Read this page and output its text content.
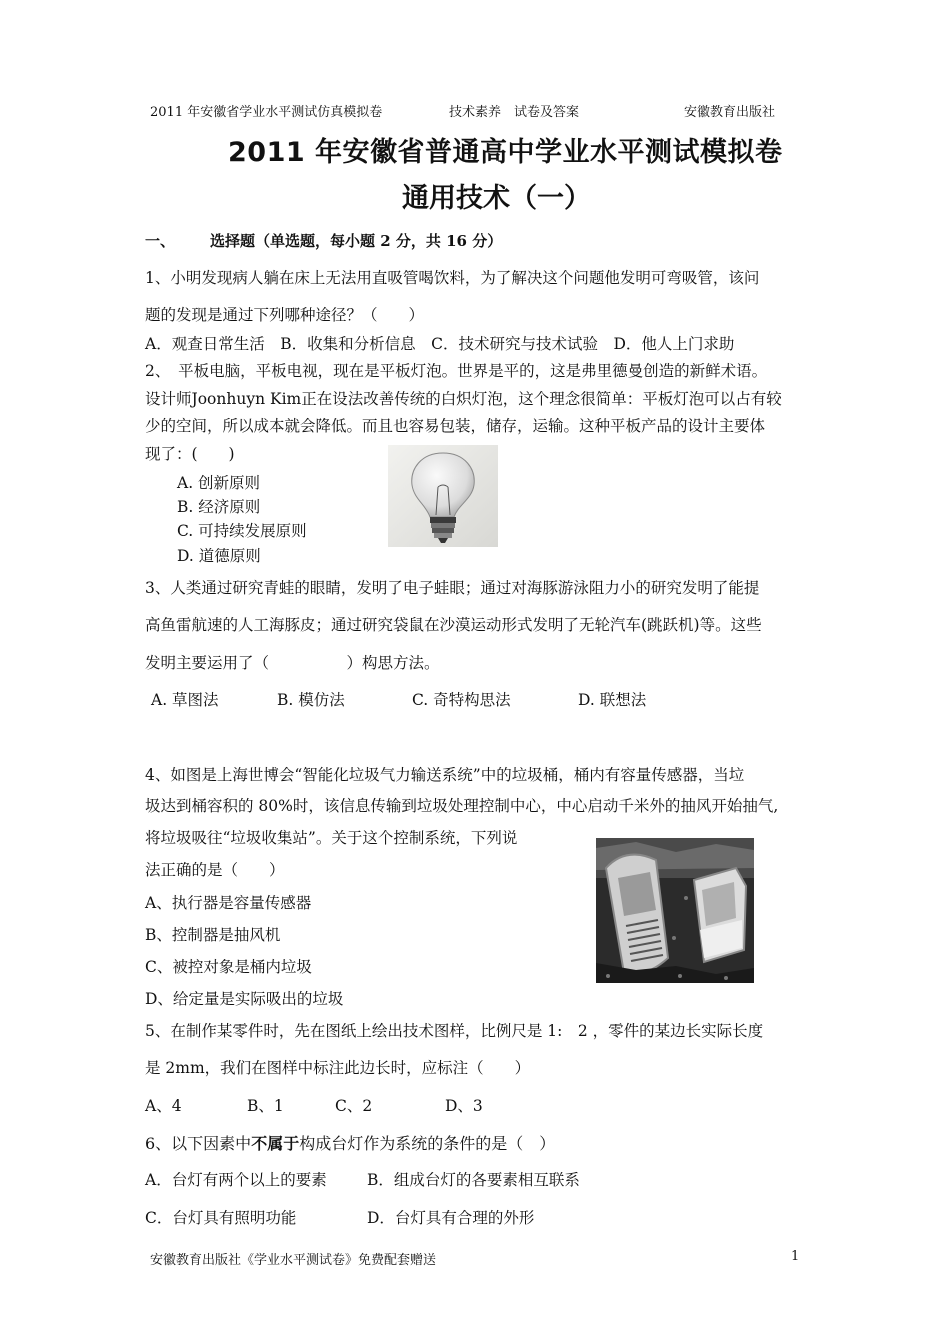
2011 年安徽省学业水平测试仿真模拟卷	技术素养　试卷及答案	安徽教育出版社
2011 年安徽省普通高中学业水平测试模拟卷
通用技术（一）
一、 选择题（单选题，每小题 2 分，共 16 分）
1、小明发现病人躺在床上无法用直吸管喝饮料，为了解决这个问题他发明可弯吸管，该问
题的发现是通过下列哪种途径？（　　）
A．观查日常生活　B．收集和分析信息　C．技术研究与技术试验　D．他人上门求助
2、　平板电脑，平板电视，现在是平板灯泡。世界是平的，这是弗里德曼创造的新鲜术语。
设计师Joonhuyn Kim正在设法改善传统的白炽灯泡，这个理念很简单：平板灯泡可以占有较
少的空间，所以成本就会降低。而且也容易包装，储存，运输。这种平板产品的设计主要体
现了：(　　)
A. 创新原则
B. 经济原则
C. 可持续发展原则
D. 道德原则
3、人类通过研究青蛙的眼睛，发明了电子蛙眼；通过对海豚游泳阻力小的研究发明了能提
高鱼雷航速的人工海豚皮；通过研究袋鼠在沙漠运动形式发明了无轮汽车(跳跃机)等。这些
发明主要运用了（　　　　　）构思方法。
A. 草图法	B. 模仿法	C. 奇特构思法	D. 联想法
4、如图是上海世博会“智能化垃圾气力输送系统”中的垃圾桶，桶内有容量传感器，当垃
圾达到桶容积的 80%时，该信息传输到垃圾处理控制中心，中心启动千米外的抽风开始抽气,
将垃圾吸往“垃圾收集站”。关于这个控制系统，下列说
法正确的是（　　）
A、执行器是容量传感器
B、控制器是抽风机
C、被控对象是桶内垃圾
D、给定量是实际吸出的垃圾
5、在制作某零件时，先在图纸上绘出技术图样，比例尺是 1:　2 ，零件的某边长实际长度
是 2mm，我们在图样中标注此边长时，应标注（　　）
A、4	B、1	C、2	D、3
6、以下因素中不属于构成台灯作为系统的条件的是（　）
A．台灯有两个以上的要素	B．组成台灯的各要素相互联系
C．台灯具有照明功能	D．台灯具有合理的外形
安徽教育出版社《学业水平测试卷》免费配套赠送	1
